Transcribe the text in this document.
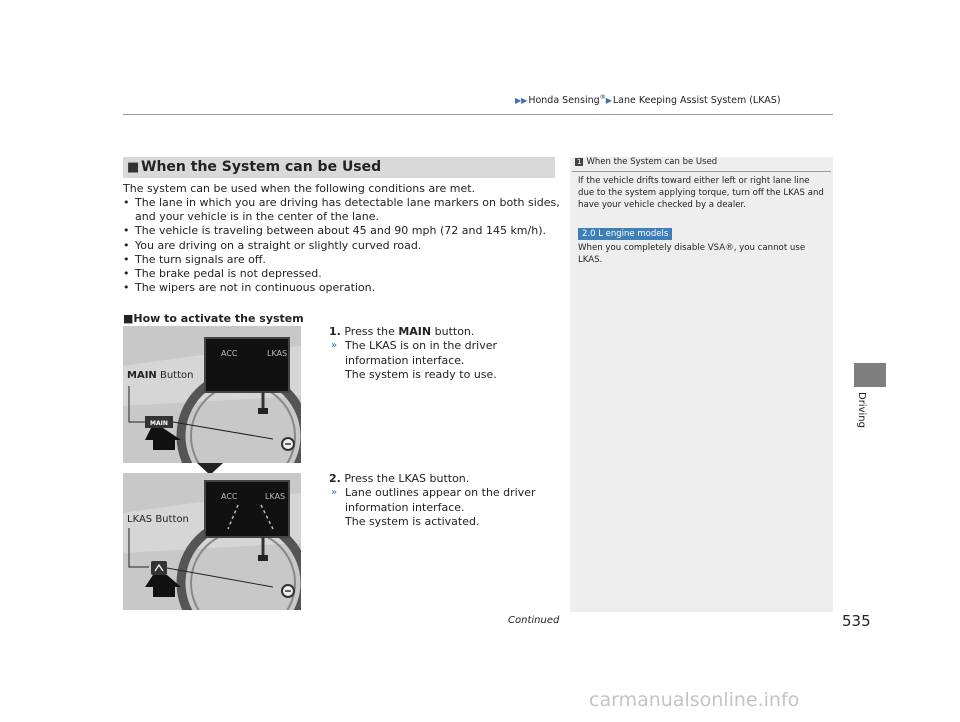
▶▶Honda Sensing®▶Lane Keeping Assist System (LKAS)
Driving
■ When the System can be Used
The system can be used when the following conditions are met.
• The lane in which you are driving has detectable lane markers on both sides, and your vehicle is in the center of the lane.
• The vehicle is traveling between about 45 and 90 mph (72 and 145 km/h).
• You are driving on a straight or slightly curved road.
• The turn signals are off.
• The brake pedal is not depressed.
• The wipers are not in continuous operation.
■How to activate the system
1. Press the MAIN button.
» The LKAS is on in the driver information interface.
The system is ready to use.
2. Press the LKAS button.
» Lane outlines appear on the driver information interface.
The system is activated.
ACC	LKAS
MAIN
MAIN Button
ACC	LKAS
LKAS Button
1 When the System can be Used
If the vehicle drifts toward either left or right lane line due to the system applying torque, turn off the LKAS and have your vehicle checked by a dealer.
2.0 L engine models
When you completely disable VSA®, you cannot use LKAS.
Continued	535
carmanualsonline.info
